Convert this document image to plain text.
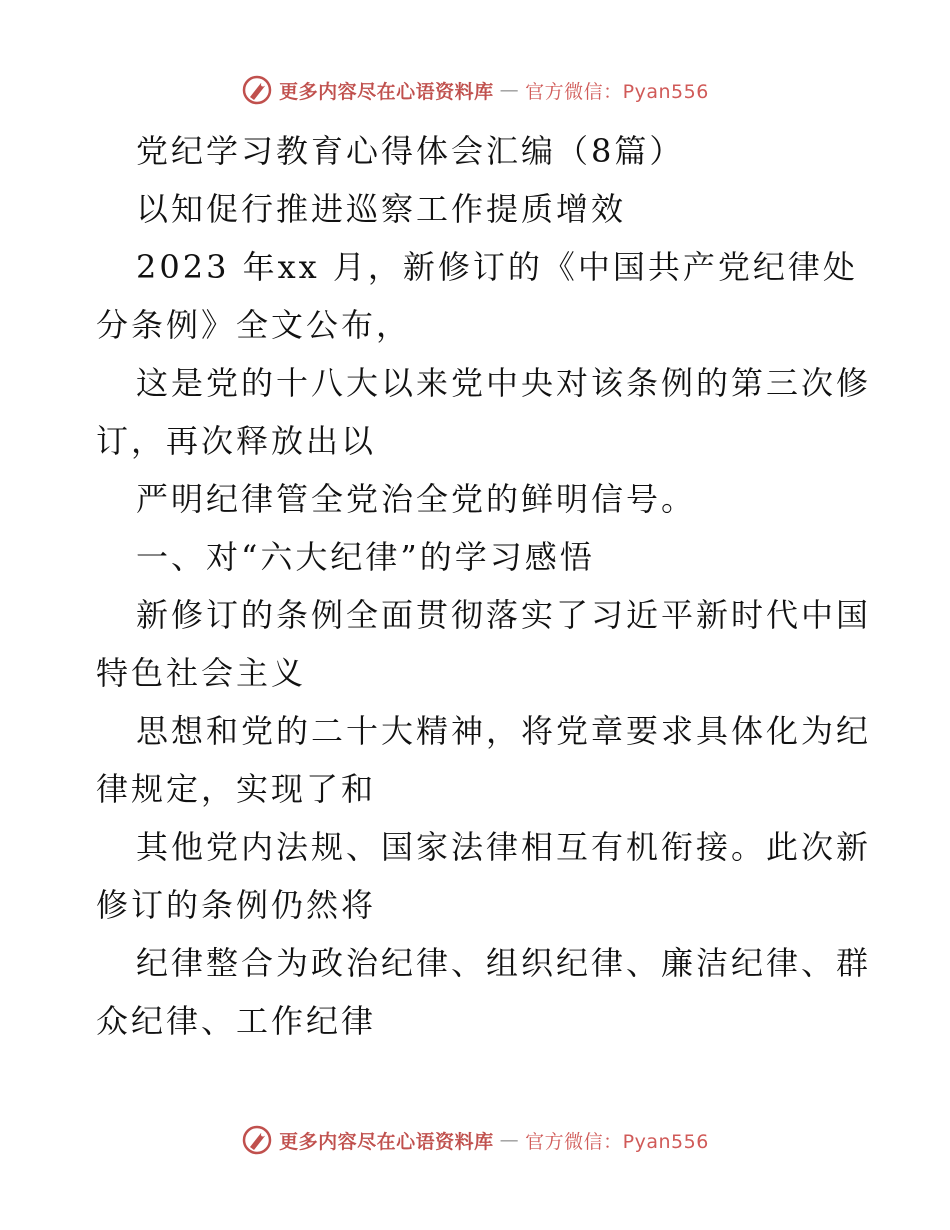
更多内容尽在心语资料库 — 官方微信：Pyan556

党纪学习教育心得体会汇编（8篇）

以知促行推进巡察工作提质增效

2023 年xx 月，新修订的《中国共产党纪律处

分条例》全文公布，

这是党的十八大以来党中央对该条例的第三次修

订，再次释放出以

严明纪律管全党治全党的鲜明信号。

一、对“六大纪律”的学习感悟

新修订的条例全面贯彻落实了习近平新时代中国

特色社会主义

思想和党的二十大精神，将党章要求具体化为纪

律规定，实现了和

其他党内法规、国家法律相互有机衔接。此次新

修订的条例仍然将

纪律整合为政治纪律、组织纪律、廉洁纪律、群

众纪律、工作纪律

更多内容尽在心语资料库 — 官方微信：Pyan556
